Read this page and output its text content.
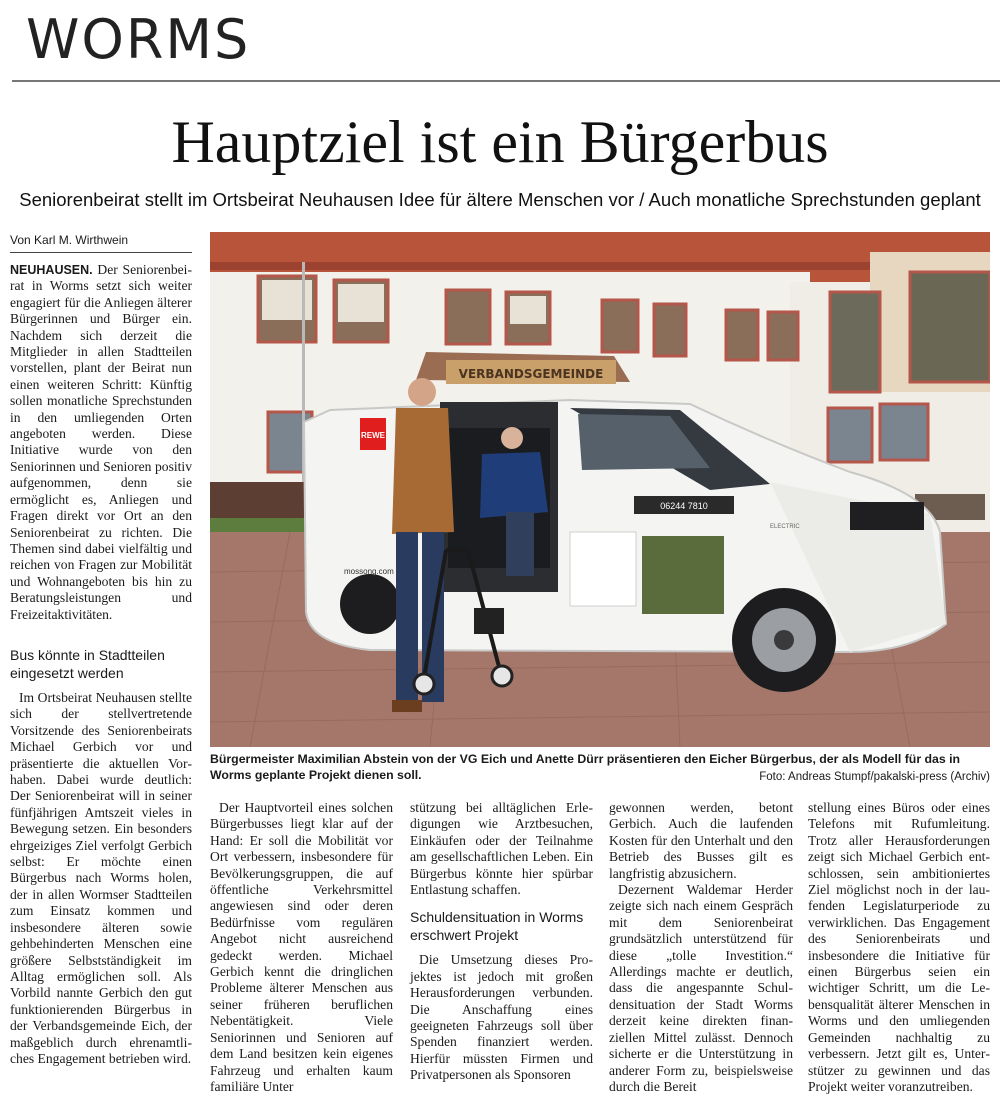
WORMS
Hauptziel ist ein Bürgerbus
Seniorenbeirat stellt im Ortsbeirat Neuhausen Idee für ältere Menschen vor / Auch monatliche Sprechstunden geplant
Von Karl M. Wirthwein

NEUHAUSEN. Der Seniorenbeirat in Worms setzt sich weiter engagiert für die Anliegen älterer Bürgerinnen und Bürger ein. Nachdem sich derzeit die Mitglieder in allen Stadtteilen vorstellen, plant der Beirat nun einen weiteren Schritt: Künftig sollen monatliche Sprechstunden in den umliegenden Orten angeboten werden. Diese Initiative wurde von den Seniorinnen und Senioren positiv aufgenommen, denn sie ermöglicht es, Anliegen und Fragen direkt vor Ort an den Seniorenbeirat zu richten. Die Themen sind dabei vielfältig und reichen von Fragen zur Mobilität und Wohnangeboten bis hin zu Beratungsleistungen und Freizeitaktivitäten.

Bus könnte in Stadtteilen eingesetzt werden

Im Ortsbeirat Neuhausen stellte sich der stellvertretende Vorsitzende des Seniorenbeirats Michael Gerbich vor und präsentierte die aktuellen Vorhaben. Dabei wurde deutlich: Der Seniorenbeirat will in seiner fünfjährigen Amtszeit vieles in Bewegung setzen. Ein besonders ehrgeiziges Ziel verfolgt Gerbich selbst: Er möchte einen Bürgerbus nach Worms holen, der in allen Wormser Stadtteilen zum Einsatz kommen und insbesondere älteren sowie gehbehinderten Menschen eine größere Selbstständigkeit im Alltag ermöglichen soll. Als Vorbild nannte Gerbich den gut funktionierenden Bürgerbus in der Verbandsgemeinde Eich, der maßgeblich durch ehrenamtliches Engagement betrieben wird.

VERBANDSGEMEINDE
REWE
mossong.com
06244 7810
ELECTRIC
Bürgermeister Maximilian Abstein von der VG Eich und Anette Dürr präsentieren den Eicher Bürgerbus, der als Modell für das in Worms geplante Projekt dienen soll.	Foto: Andreas Stumpf/pakalski-press (Archiv)

Der Hauptvorteil eines solchen Bürgerbusses liegt klar auf der Hand: Er soll die Mobilität vor Ort verbessern, insbesondere für Bevölkerungsgruppen, die auf öffentliche Verkehrsmittel angewiesen sind oder deren Bedürfnisse vom regulären Angebot nicht ausreichend gedeckt werden. Michael Gerbich kennt die dringlichen Probleme älterer Menschen aus seiner früheren beruflichen Nebentätigkeit. Viele Seniorinnen und Senioren auf dem Land besitzen kein eigenes Fahrzeug und erhalten kaum familiäre Unter

stützung bei alltäglichen Erledigungen wie Arztbesuchen, Einkäufen oder der Teilnahme am gesellschaftlichen Leben. Ein Bürgerbus könnte hier spürbar Entlastung schaffen.

Schuldensituation in Worms erschwert Projekt

Die Umsetzung dieses Projektes ist jedoch mit großen Herausforderungen verbunden. Die Anschaffung eines geeigneten Fahrzeugs soll über Spenden finanziert werden. Hierfür müssten Firmen und Privatpersonen als Sponsoren

gewonnen werden, betont Gerbich. Auch die laufenden Kosten für den Unterhalt und den Betrieb des Busses gilt es langfristig abzusichern.

Dezernent Waldemar Herder zeigte sich nach einem Gespräch mit dem Seniorenbeirat grundsätzlich unterstützend für diese „tolle Investition.“ Allerdings machte er deutlich, dass die angespannte Schuldensituation der Stadt Worms derzeit keine direkten finanziellen Mittel zulässt. Dennoch sicherte er die Unterstützung in anderer Form zu, beispielsweise durch die Bereit

stellung eines Büros oder eines Telefons mit Rufumleitung. Trotz aller Herausforderungen zeigt sich Michael Gerbich entschlossen, sein ambitioniertes Ziel möglichst noch in der laufenden Legislaturperiode zu verwirklichen. Das Engagement des Seniorenbeirats und insbesondere die Initiative für einen Bürgerbus seien ein wichtiger Schritt, um die Lebensqualität älterer Menschen in Worms und den umliegenden Gemeinden nachhaltig zu verbessern. Jetzt gilt es, Unterstützer zu gewinnen und das Projekt weiter voranzutreiben.
